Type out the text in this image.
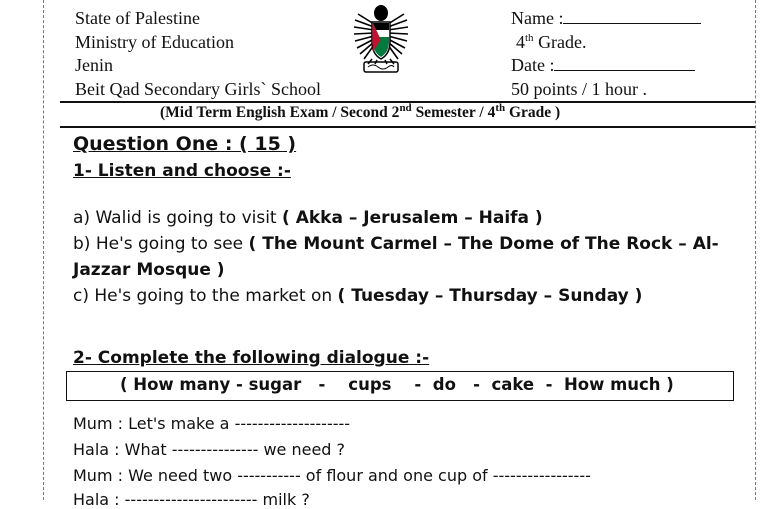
State of Palestine
Ministry of Education
Jenin
Beit Qad Secondary Girls` School
Name :
4th Grade.
Date :
50 points / 1 hour .
(Mid Term English Exam / Second 2nd Semester / 4th Grade )
Question One : ( 15 )
1- Listen and choose :-
a) Walid is going to visit ( Akka – Jerusalem – Haifa )
b) He's going to see ( The Mount Carmel – The Dome of The Rock – Al-
Jazzar Mosque )
c) He's going to the market on ( Tuesday – Thursday – Sunday )
2- Complete the following dialogue :-
( How many - sugar   -    cups    -  do   -  cake  -  How much )
Mum : Let's make a --------------------
Hala : What --------------- we need ?
Mum : We need two ----------- of flour and one cup of -----------------
Hala : ----------------------- milk ?
